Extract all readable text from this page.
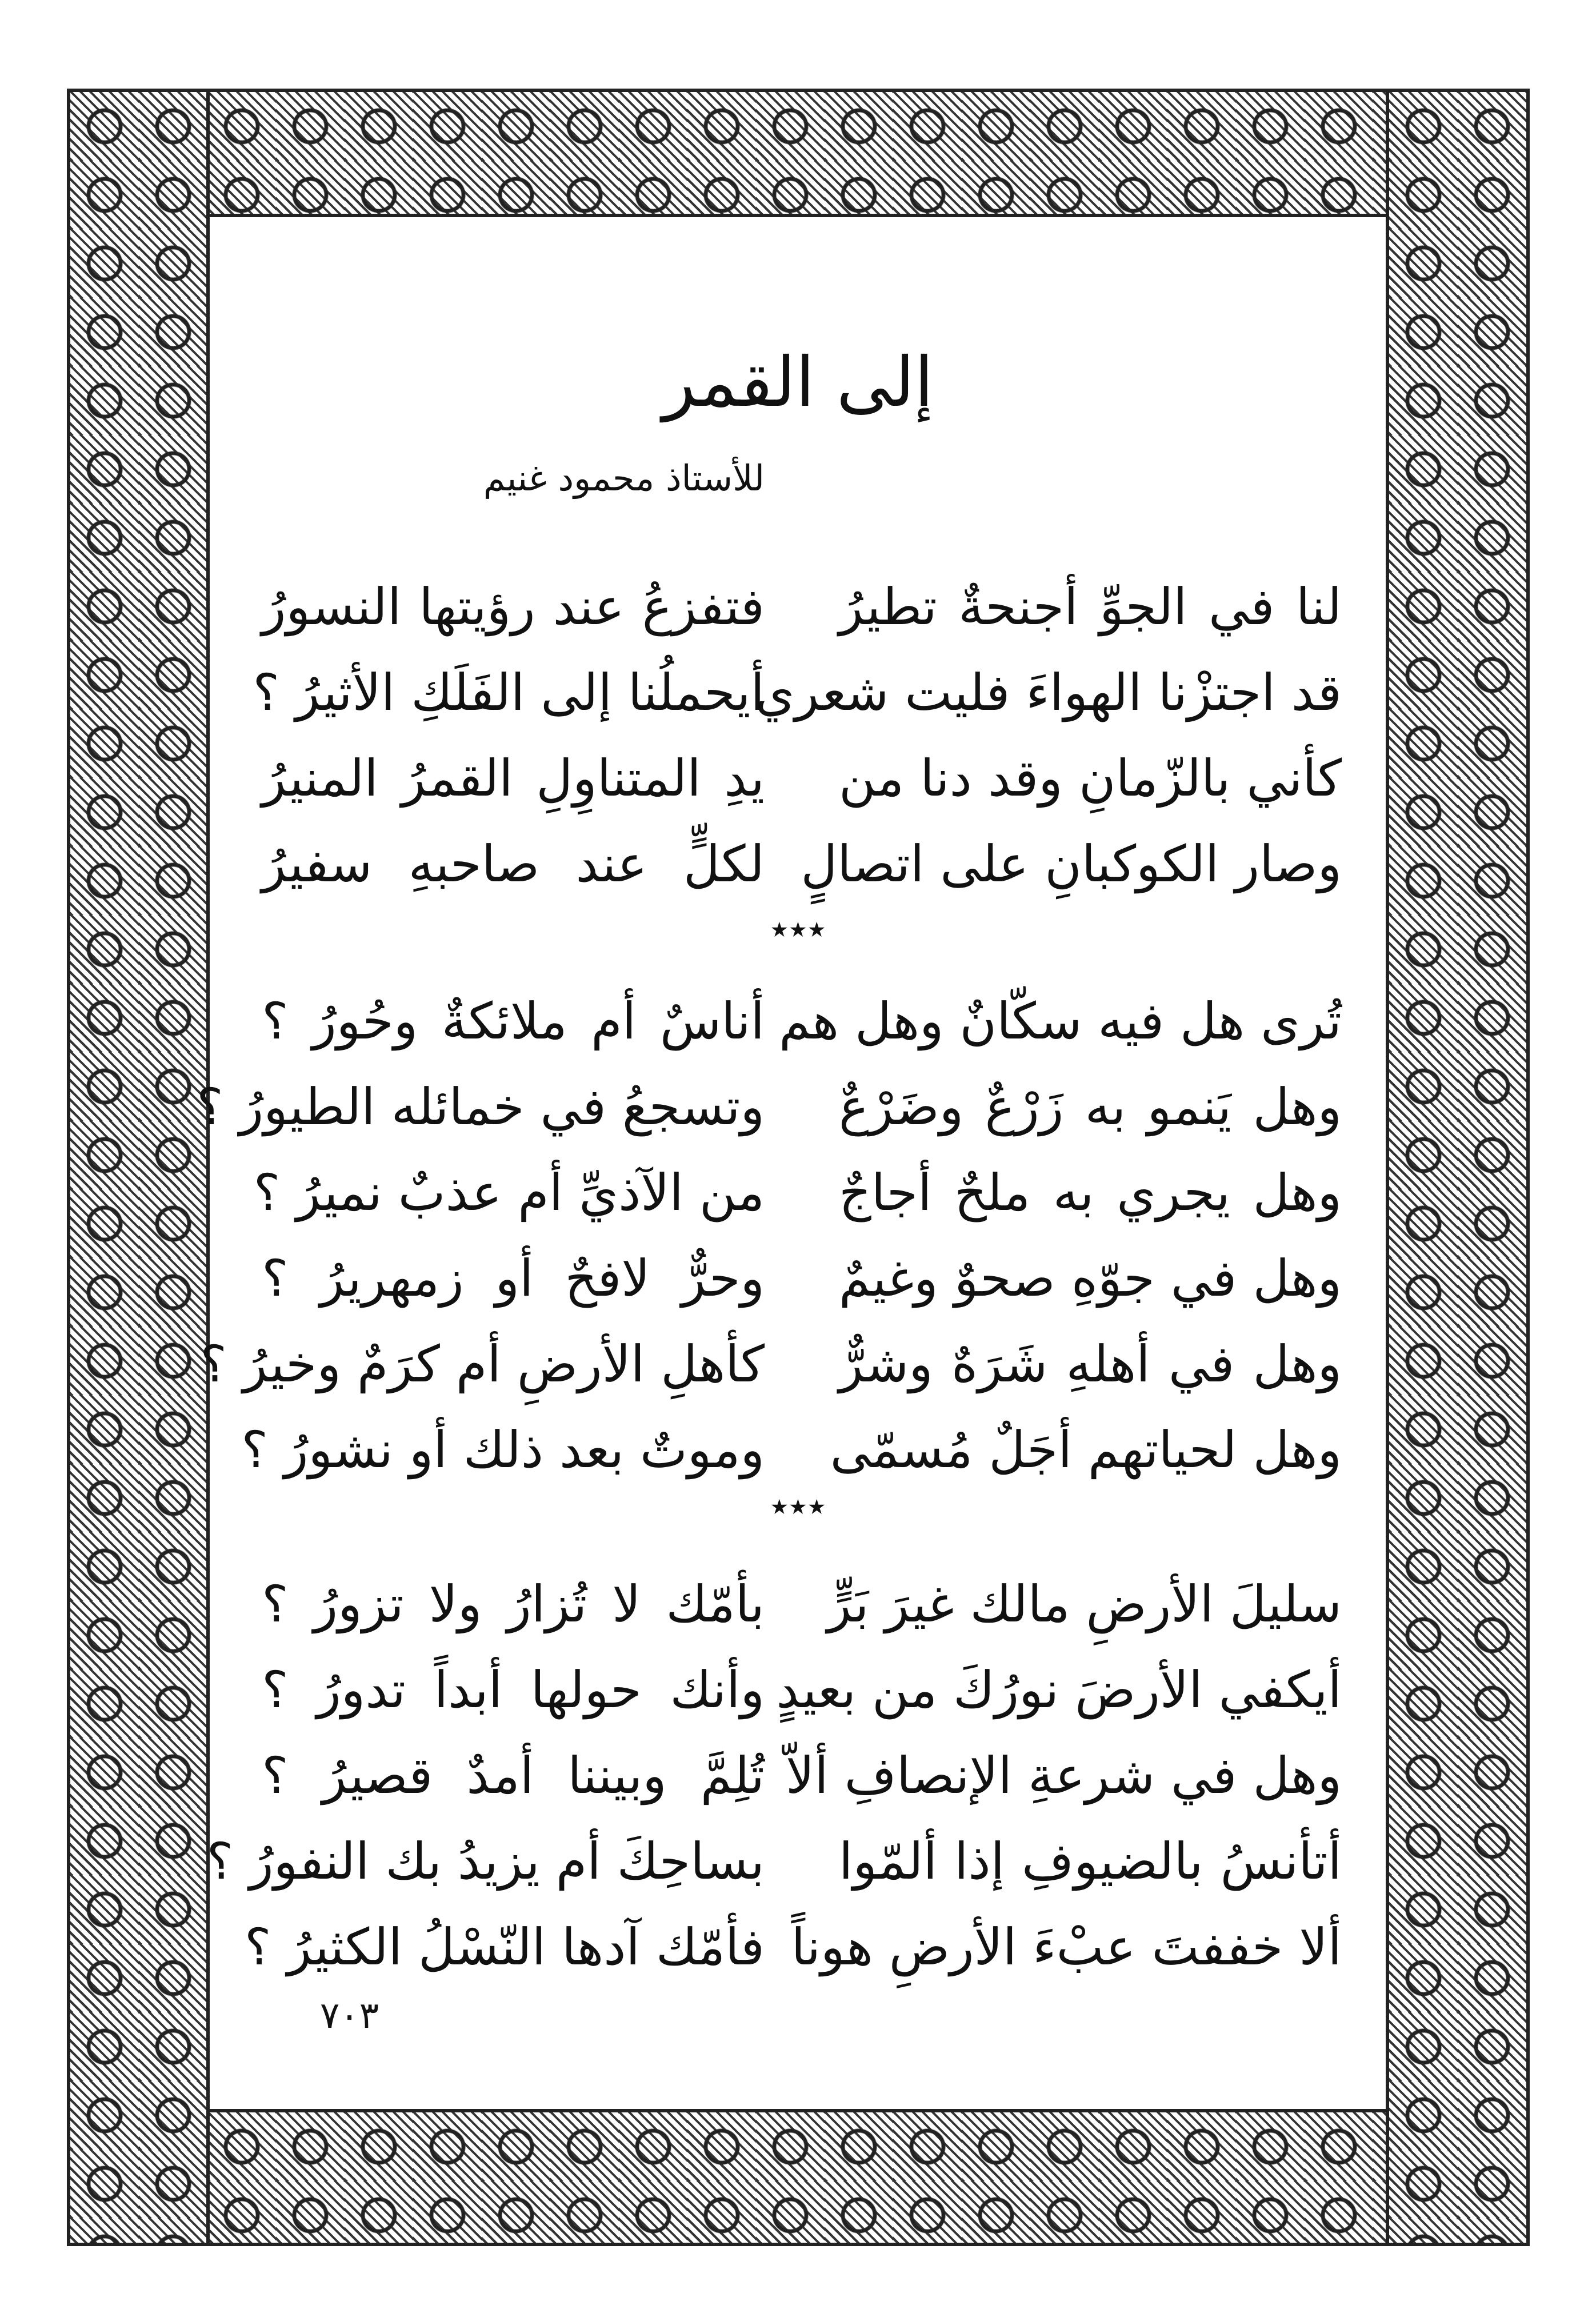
إلى القمر
للأستاذ محمود غنيم
لنا في الجوِّ أجنحةٌ تطيرُ
فتفزعُ عند رؤيتها النسورُ
قد اجتزْنا الهواءَ فليت شعري
أيحملُنا إلى الفَلَكِ الأثيرُ ؟
كأني بالزّمانِ وقد دنا من
يدِ المتناوِلِ القمرُ المنيرُ
وصار الكوكبانِ على اتصالٍ
لكلٍّ عند صاحبهِ سفيرُ
٭٭٭
تُرى هل فيه سكّانٌ وهل هم
أناسٌ أم ملائكةٌ وحُورُ ؟
وهل يَنمو به زَرْعٌ وضَرْعٌ
وتسجعُ في خمائله الطيورُ ؟
وهل يجري به ملحٌ أجاجٌ
من الآذيِّ أم عذبٌ نميرُ ؟
وهل في جوّهِ صحوٌ وغيمٌ
وحرٌّ لافحٌ أو زمهريرُ ؟
وهل في أهلهِ شَرَهٌ وشرٌّ
كأهلِ الأرضِ أم كرَمٌ وخيرُ ؟
وهل لحياتهم أجَلٌ مُسمّى
وموتٌ بعد ذلك أو نشورُ ؟
٭٭٭
سليلَ الأرضِ مالك غيرَ بَرٍّ
بأمّك لا تُزارُ ولا تزورُ ؟
أيكفي الأرضَ نورُكَ من بعيدٍ
وأنك حولها أبداً تدورُ ؟
وهل في شرعةِ الإنصافِ ألاّ
تُلِمَّ وبيننا أمدٌ قصيرُ ؟
أتأنسُ بالضيوفِ إذا ألمّوا
بساحِكَ أم يزيدُ بك النفورُ ؟
ألا خففتَ عبْءَ الأرضِ هوناً
فأمّك آدها النّسْلُ الكثيرُ ؟
٧٠٣
